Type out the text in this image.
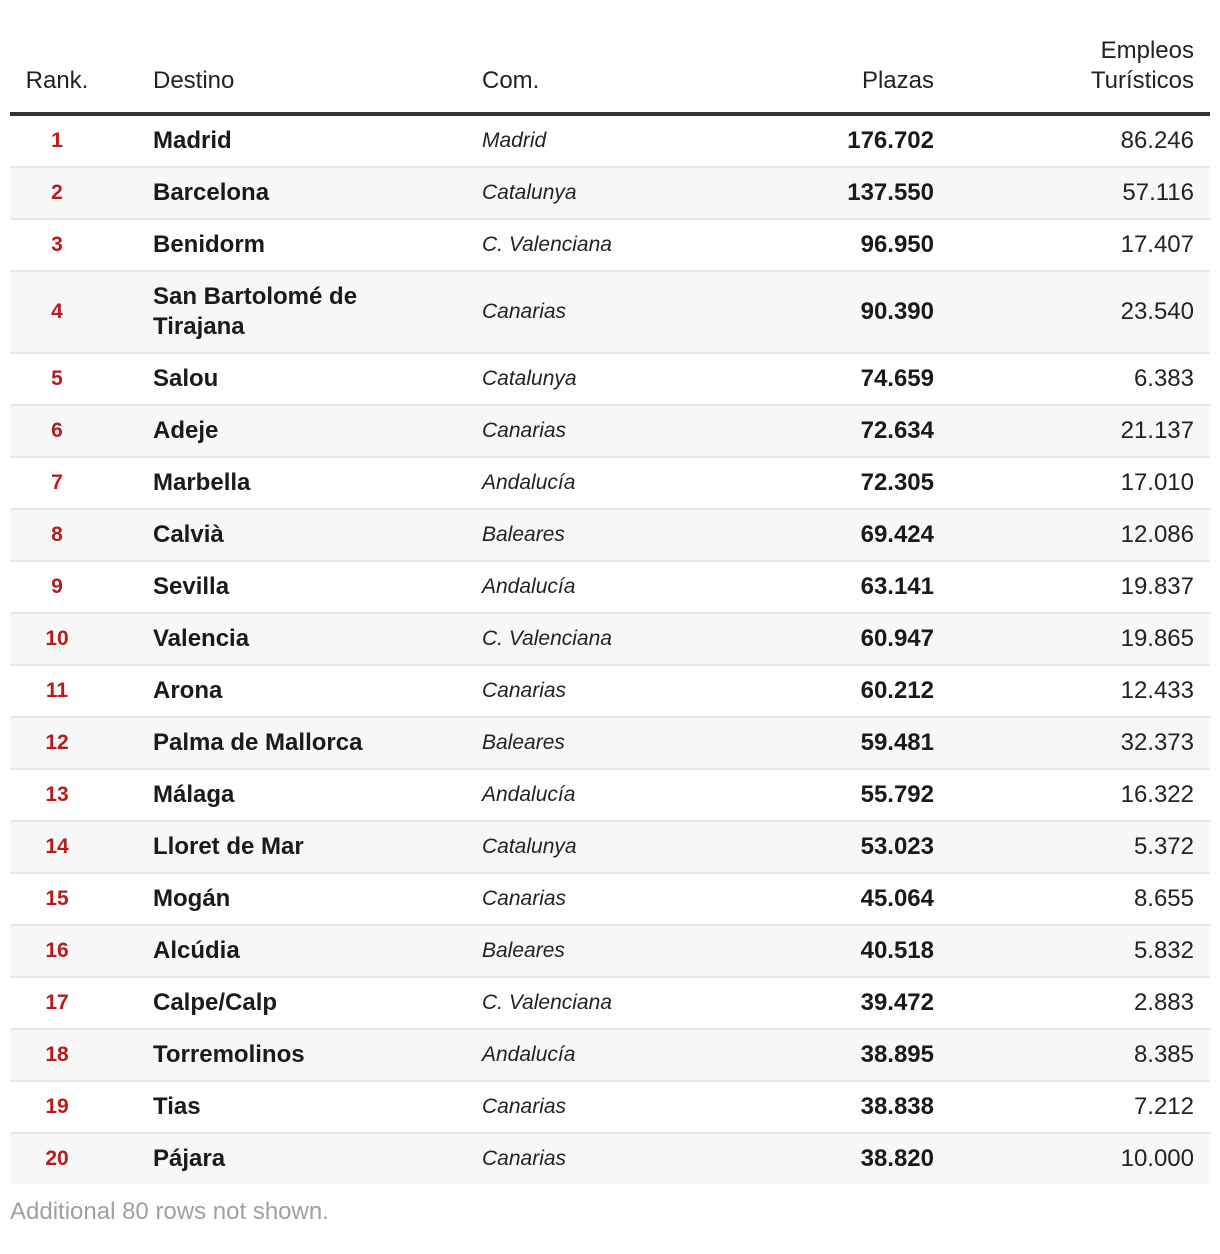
Rank.	Destino	Com.	Plazas	Empleos Turísticos
1	Madrid	Madrid	176.702	86.246
2	Barcelona	Catalunya	137.550	57.116
3	Benidorm	C. Valenciana	96.950	17.407
4	San Bartolomé de Tirajana	Canarias	90.390	23.540
5	Salou	Catalunya	74.659	6.383
6	Adeje	Canarias	72.634	21.137
7	Marbella	Andalucía	72.305	17.010
8	Calvià	Baleares	69.424	12.086
9	Sevilla	Andalucía	63.141	19.837
10	Valencia	C. Valenciana	60.947	19.865
11	Arona	Canarias	60.212	12.433
12	Palma de Mallorca	Baleares	59.481	32.373
13	Málaga	Andalucía	55.792	16.322
14	Lloret de Mar	Catalunya	53.023	5.372
15	Mogán	Canarias	45.064	8.655
16	Alcúdia	Baleares	40.518	5.832
17	Calpe/Calp	C. Valenciana	39.472	2.883
18	Torremolinos	Andalucía	38.895	8.385
19	Tias	Canarias	38.838	7.212
20	Pájara	Canarias	38.820	10.000
Additional 80 rows not shown.
